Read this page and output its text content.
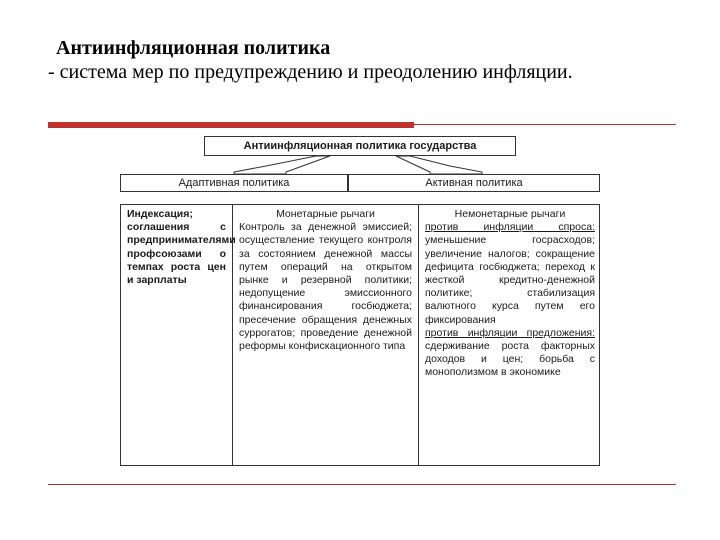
Антиинфляционная политика
- система мер по предупреждению и преодолению инфляции.
Антиинфляционная политика государства
Адаптивная политика	Активная политика

Индексация; соглашения с предпринимателями профсоюзами о темпах роста цен и зарплаты

Монетарные рычаги

Контроль за денежной эмиссией; осуществление текущего контроля за состоянием денежной массы путем операций на открытом рынке и резервной политики; недопущение эмиссионного финансирования госбюджета; пресечение обращения денежных суррогатов; проведение денежной реформы конфискационного типа

Немонетарные рычаги

против инфляции спроса: уменьшение госрасходов; увеличение налогов; сокращение дефицита госбюджета; переход к жесткой кредитно-денежной политике; стабилизация валютного курса путем его фиксирования

против инфляции предложения: сдерживание роста факторных доходов и цен; борьба с монополизмом в экономике
